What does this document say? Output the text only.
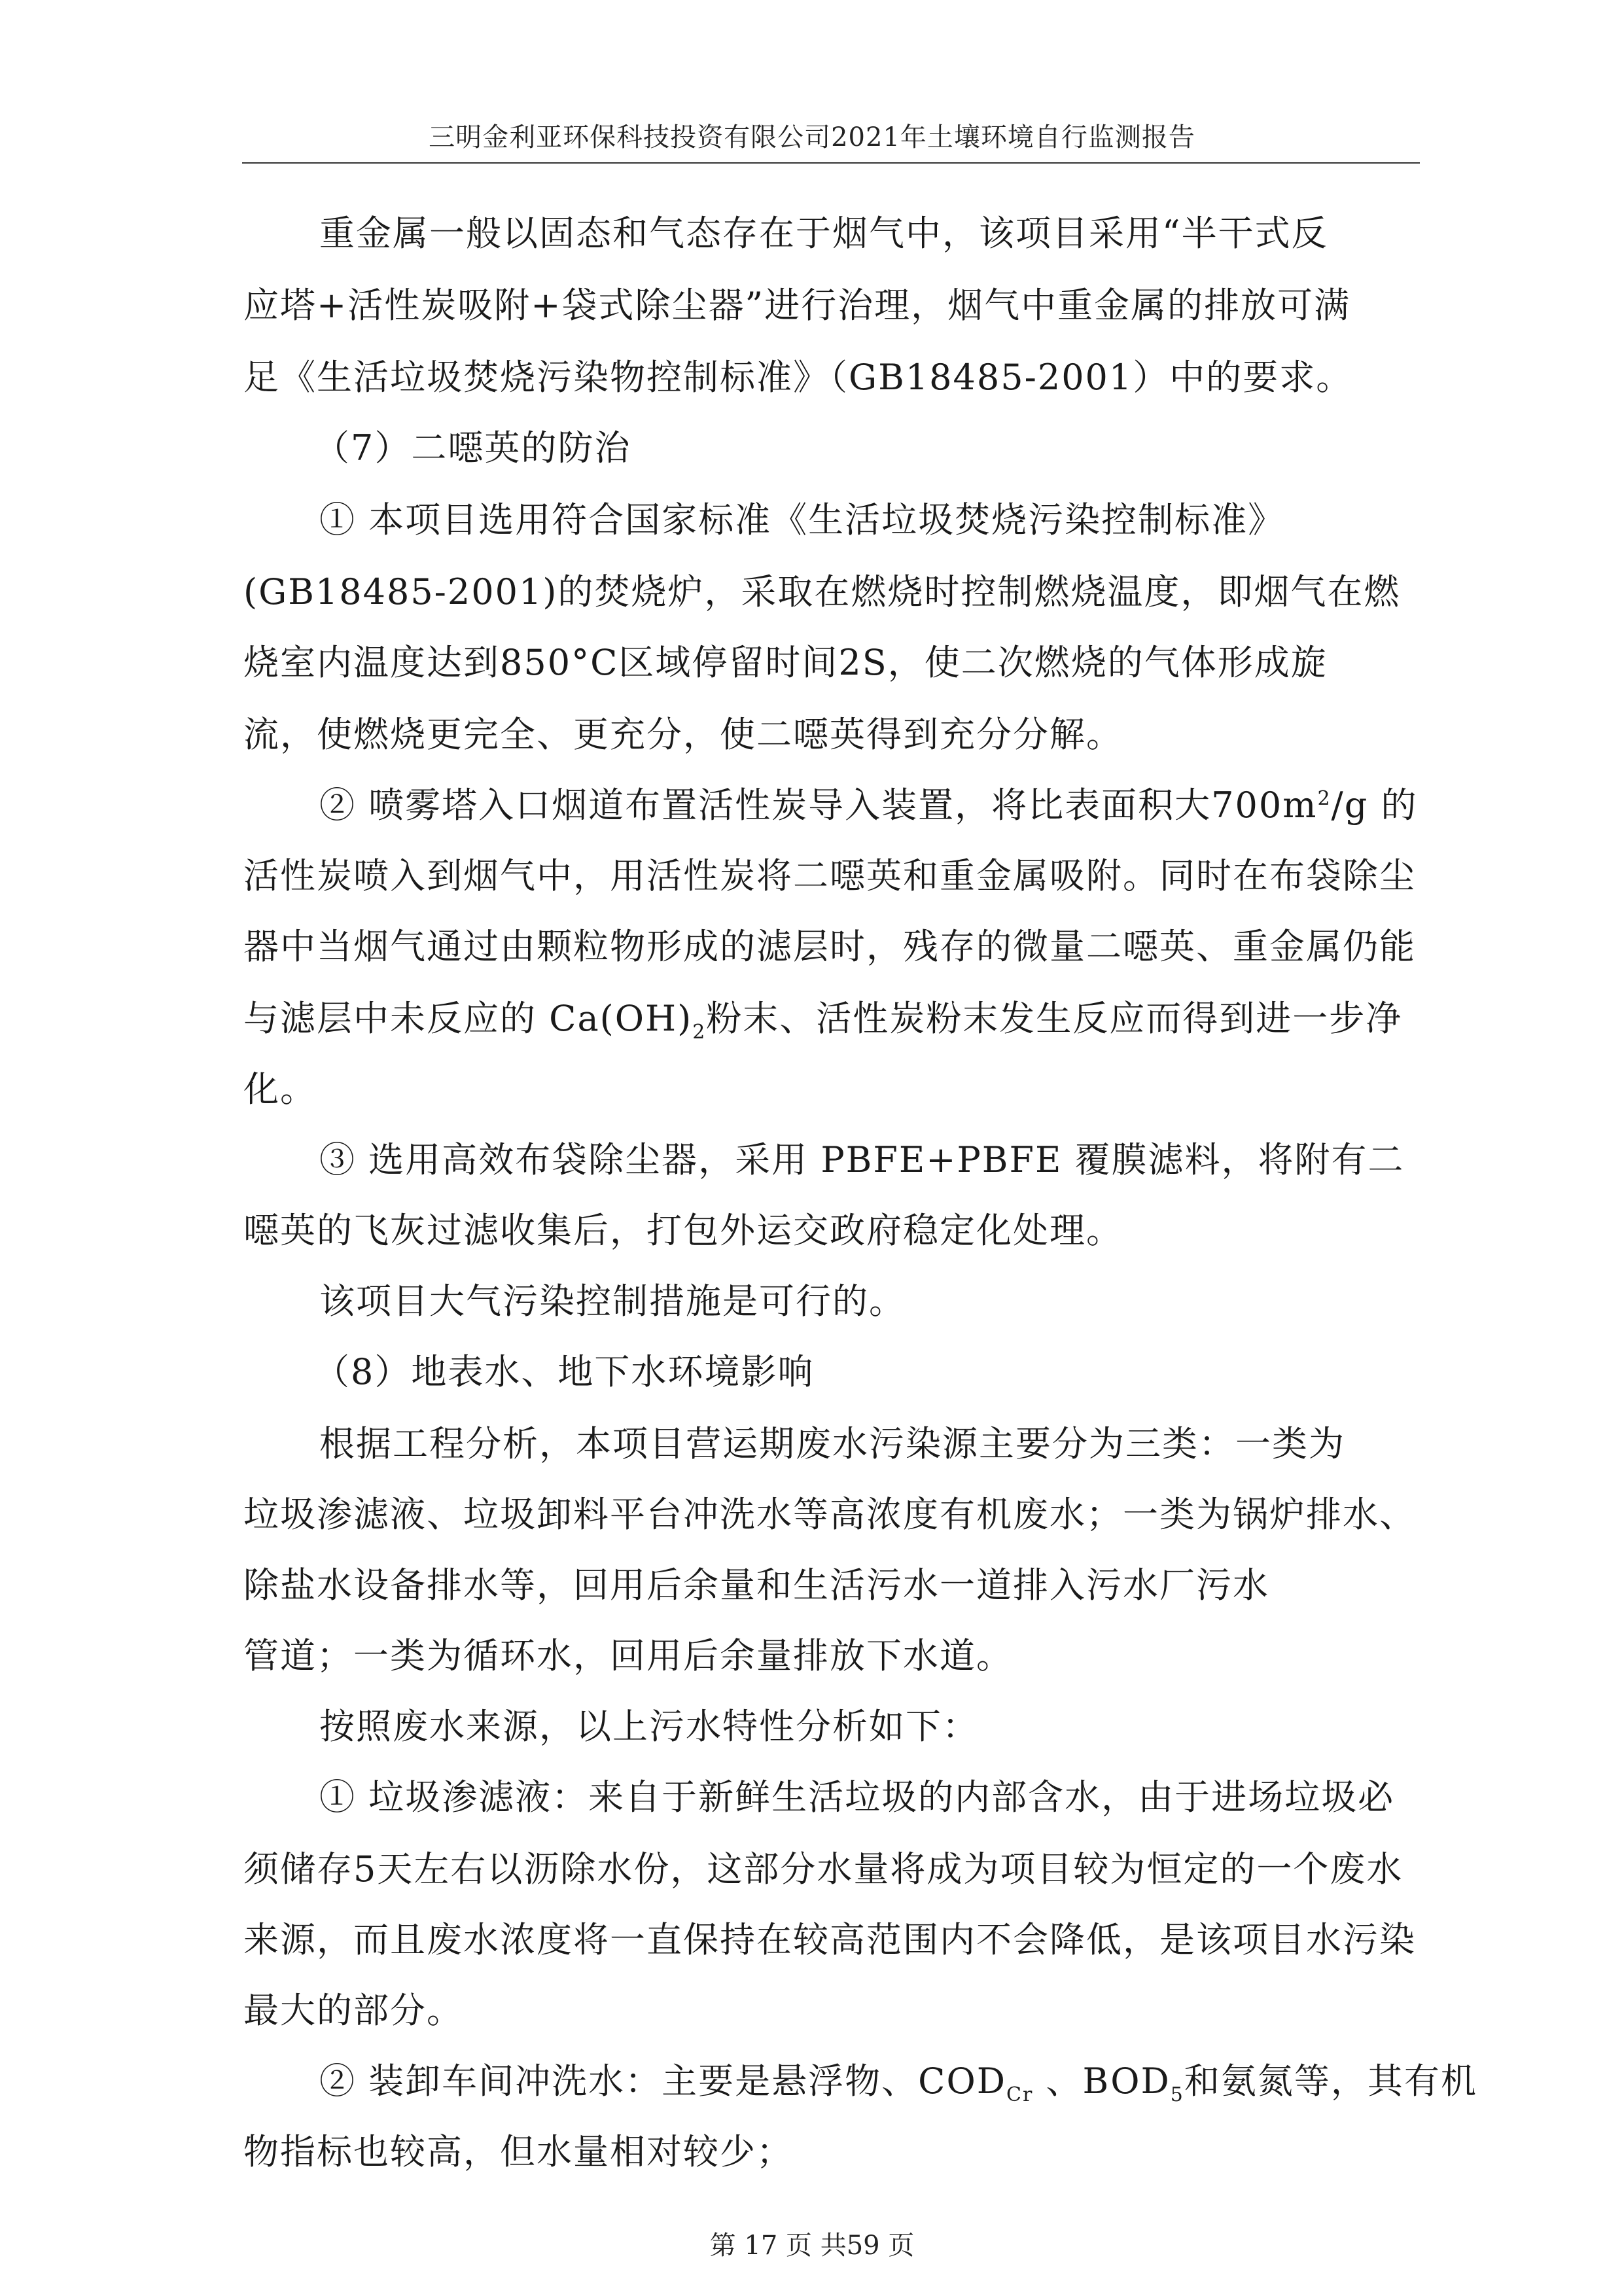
三明金利亚环保科技投资有限公司2021年土壤环境自行监测报告
重金属一般以固态和气态存在于烟气中，该项目采用“半干式反
应塔+活性炭吸附+袋式除尘器”进行治理，烟气中重金属的排放可满
足《生活垃圾焚烧污染物控制标准》（GB18485-2001）中的要求。
（7）二噁英的防治
① 本项目选用符合国家标准《生活垃圾焚烧污染控制标准》
(GB18485-2001)的焚烧炉，采取在燃烧时控制燃烧温度，即烟气在燃
烧室内温度达到850°C区域停留时间2S，使二次燃烧的气体形成旋
流，使燃烧更完全、更充分，使二噁英得到充分分解。
② 喷雾塔入口烟道布置活性炭导入装置，将比表面积大$700m^2/g$ 的
活性炭喷入到烟气中，用活性炭将二噁英和重金属吸附。同时在布袋除尘
器中当烟气通过由颗粒物形成的滤层时，残存的微量二噁英、重金属仍能
与滤层中未反应的 $Ca(OH)_2$粉末、活性炭粉末发生反应而得到进一步净
化。
③ 选用高效布袋除尘器，采用 PBFE+PBFE 覆膜滤料，将附有二
噁英的飞灰过滤收集后，打包外运交政府稳定化处理。
该项目大气污染控制措施是可行的。
（8）地表水、地下水环境影响
根据工程分析，本项目营运期废水污染源主要分为三类：一类为
垃圾渗滤液、垃圾卸料平台冲洗水等高浓度有机废水；一类为锅炉排水、
除盐水设备排水等，回用后余量和生活污水一道排入污水厂污水
管道；一类为循环水，回用后余量排放下水道。
按照废水来源，以上污水特性分析如下：
① 垃圾渗滤液：来自于新鲜生活垃圾的内部含水，由于进场垃圾必
须储存5天左右以沥除水份，这部分水量将成为项目较为恒定的一个废水
来源，而且废水浓度将一直保持在较高范围内不会降低，是该项目水污染
最大的部分。
② 装卸车间冲洗水：主要是悬浮物、$COD_{Cr}$ 、$BOD_5$和氨氮等，其有机
物指标也较高，但水量相对较少；
第 17 页 共59 页
